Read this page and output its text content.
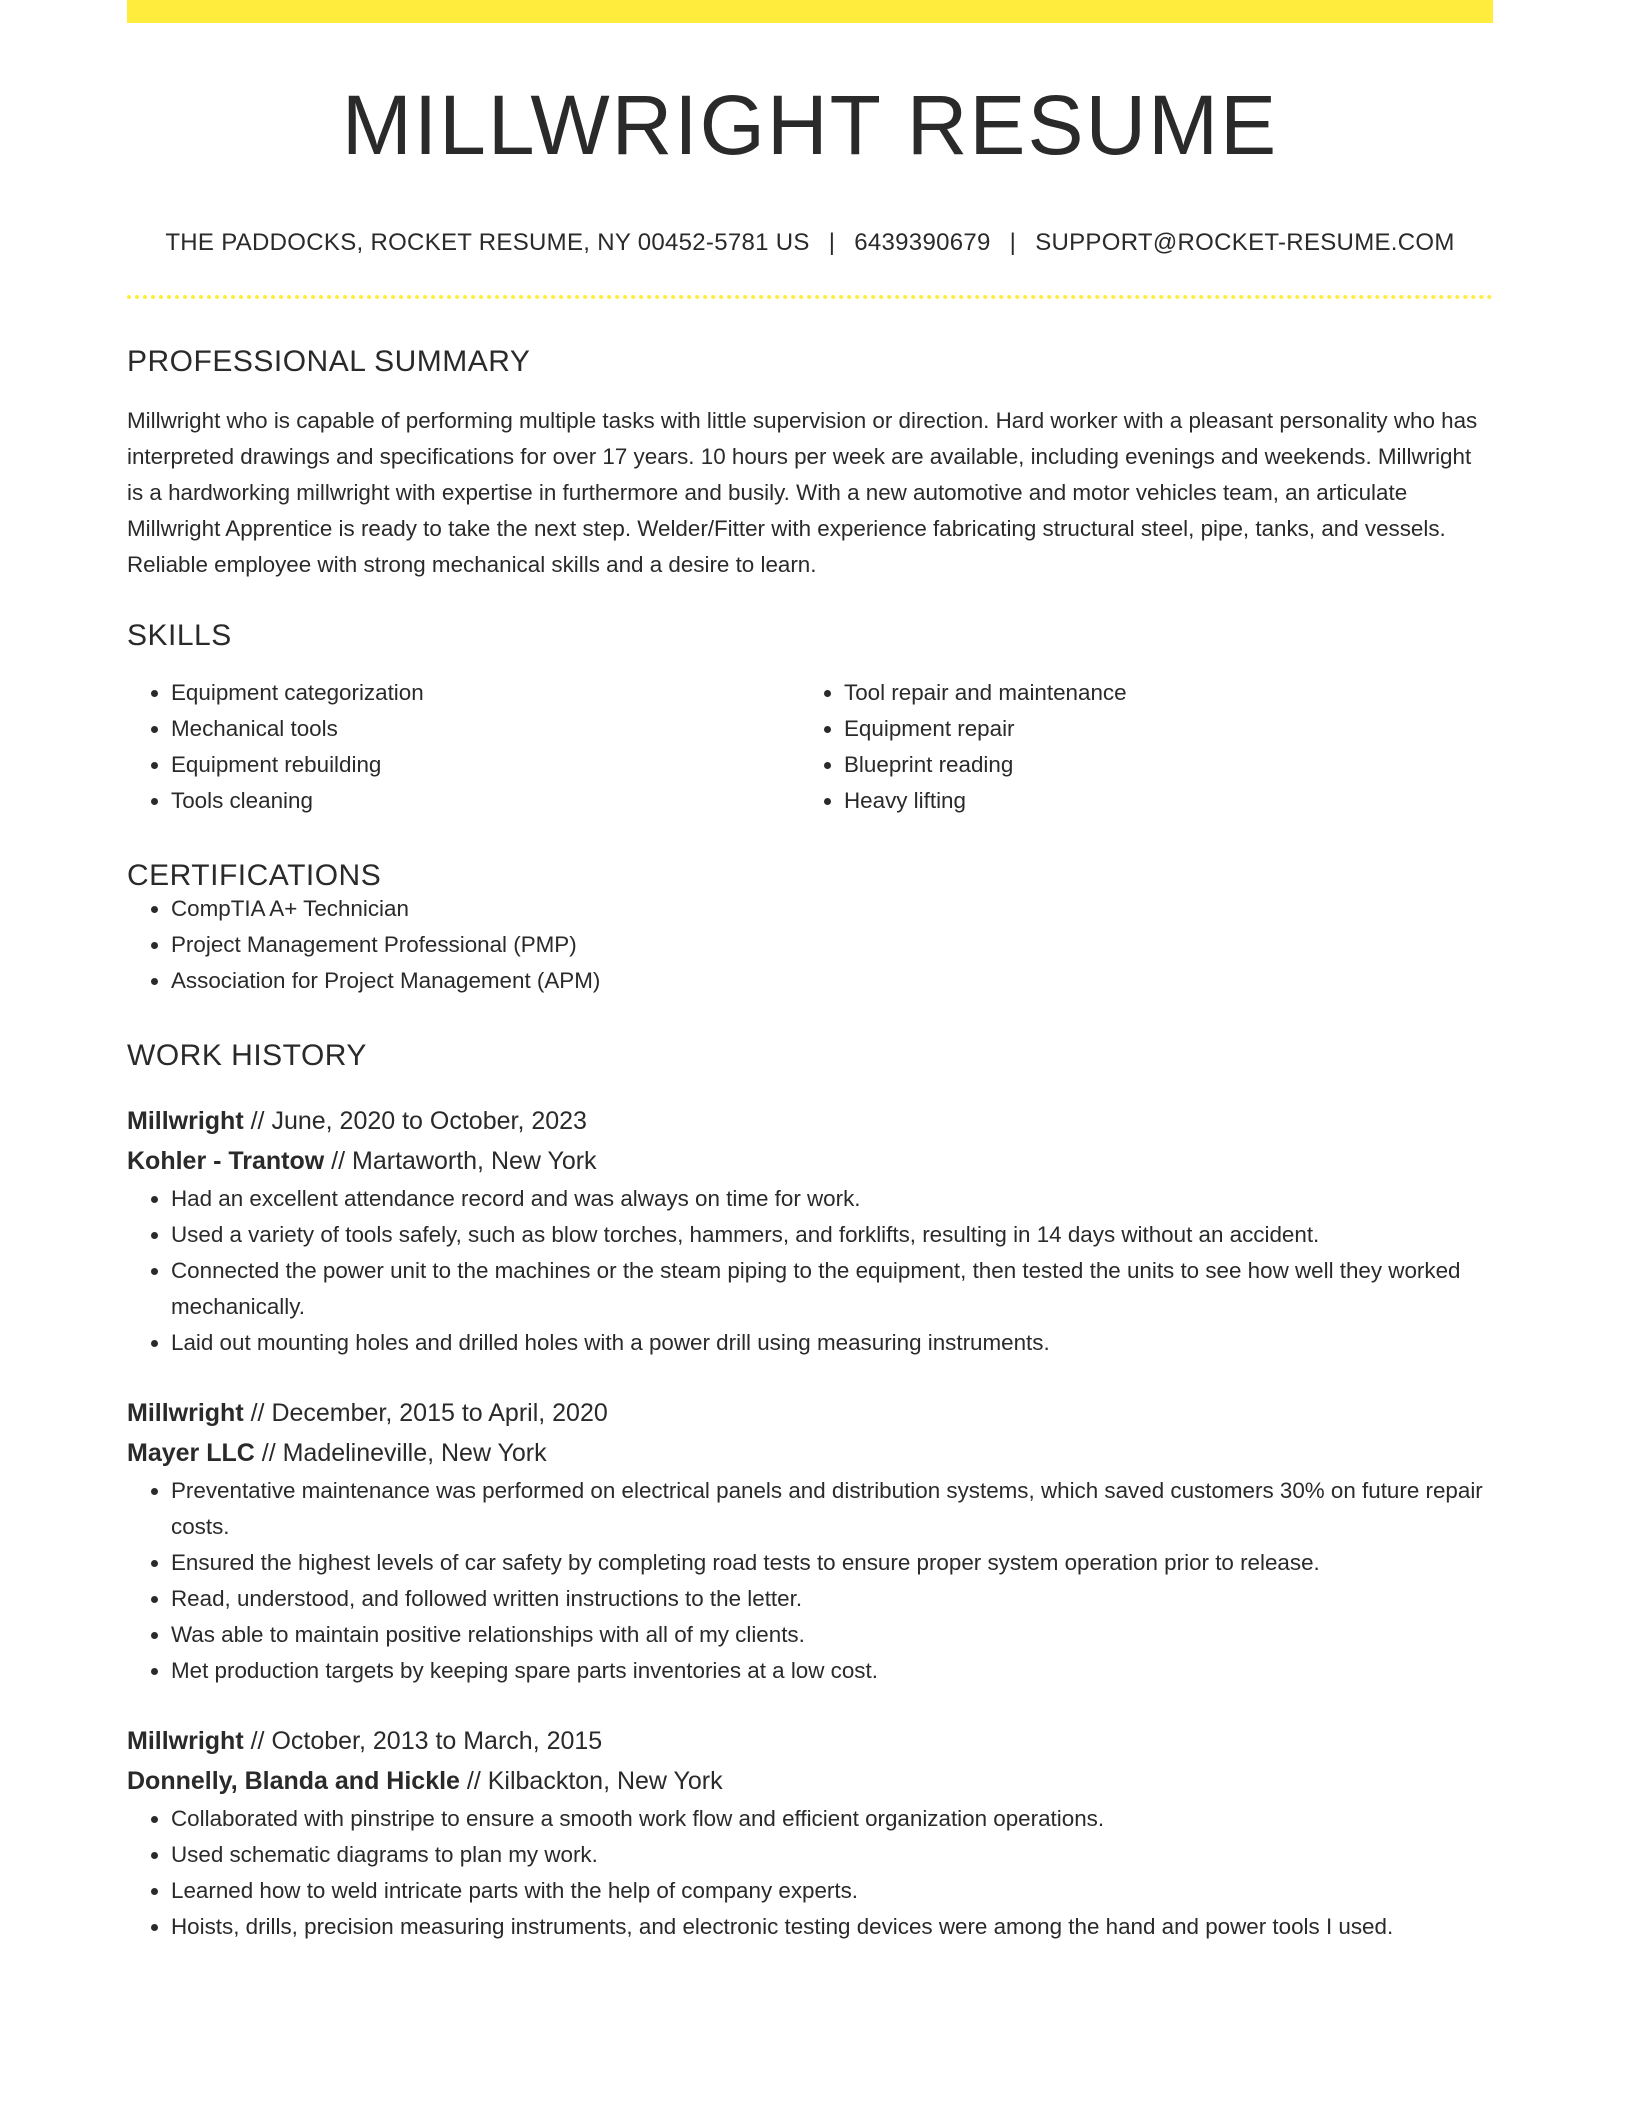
MILLWRIGHT RESUME
THE PADDOCKS, ROCKET RESUME, NY 00452-5781 US | 6439390679 | SUPPORT@ROCKET-RESUME.COM
PROFESSIONAL SUMMARY
Millwright who is capable of performing multiple tasks with little supervision or direction. Hard worker with a pleasant personality who has interpreted drawings and specifications for over 17 years. 10 hours per week are available, including evenings and weekends. Millwright is a hardworking millwright with expertise in furthermore and busily. With a new automotive and motor vehicles team, an articulate Millwright Apprentice is ready to take the next step. Welder/Fitter with experience fabricating structural steel, pipe, tanks, and vessels. Reliable employee with strong mechanical skills and a desire to learn.
SKILLS
• Equipment categorization
• Mechanical tools
• Equipment rebuilding
• Tools cleaning
• Tool repair and maintenance
• Equipment repair
• Blueprint reading
• Heavy lifting
CERTIFICATIONS
• CompTIA A+ Technician
• Project Management Professional (PMP)
• Association for Project Management (APM)
WORK HISTORY
Millwright // June, 2020 to October, 2023
Kohler - Trantow // Martaworth, New York
• Had an excellent attendance record and was always on time for work.
• Used a variety of tools safely, such as blow torches, hammers, and forklifts, resulting in 14 days without an accident.
• Connected the power unit to the machines or the steam piping to the equipment, then tested the units to see how well they worked mechanically.
• Laid out mounting holes and drilled holes with a power drill using measuring instruments.
Millwright // December, 2015 to April, 2020
Mayer LLC // Madelineville, New York
• Preventative maintenance was performed on electrical panels and distribution systems, which saved customers 30% on future repair costs.
• Ensured the highest levels of car safety by completing road tests to ensure proper system operation prior to release.
• Read, understood, and followed written instructions to the letter.
• Was able to maintain positive relationships with all of my clients.
• Met production targets by keeping spare parts inventories at a low cost.
Millwright // October, 2013 to March, 2015
Donnelly, Blanda and Hickle // Kilbackton, New York
• Collaborated with pinstripe to ensure a smooth work flow and efficient organization operations.
• Used schematic diagrams to plan my work.
• Learned how to weld intricate parts with the help of company experts.
• Hoists, drills, precision measuring instruments, and electronic testing devices were among the hand and power tools I used.
